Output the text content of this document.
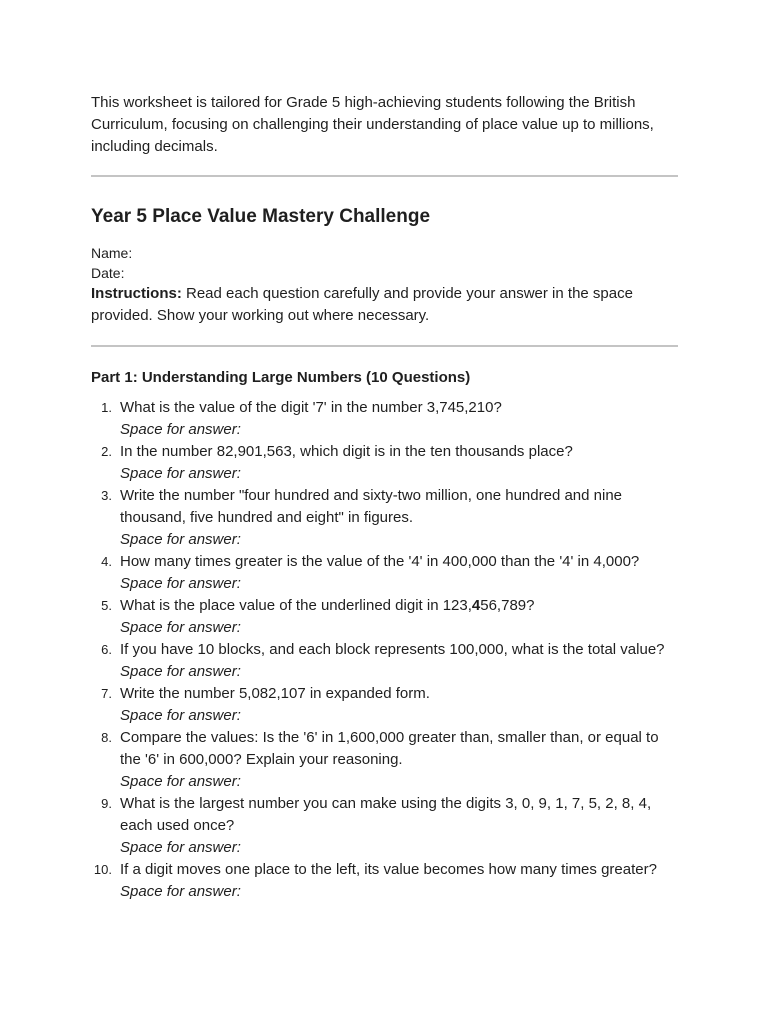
This worksheet is tailored for Grade 5 high-achieving students following the British Curriculum, focusing on challenging their understanding of place value up to millions, including decimals.

Year 5 Place Value Mastery Challenge

Name:

Date:

Instructions: Read each question carefully and provide your answer in the space provided. Show your working out where necessary.

Part 1: Understanding Large Numbers (10 Questions)
1. What is the value of the digit '7' in the number 3,745,210?
Space for answer:
2. In the number 82,901,563, which digit is in the ten thousands place?
Space for answer:
3. Write the number "four hundred and sixty-two million, one hundred and nine thousand, five hundred and eight" in figures.
Space for answer:
4. How many times greater is the value of the '4' in 400,000 than the '4' in 4,000?
Space for answer:
5. What is the place value of the underlined digit in 123,456,789?
Space for answer:
6. If you have 10 blocks, and each block represents 100,000, what is the total value?
Space for answer:
7. Write the number 5,082,107 in expanded form.
Space for answer:
8. Compare the values: Is the '6' in 1,600,000 greater than, smaller than, or equal to the '6' in 600,000? Explain your reasoning.
Space for answer:
9. What is the largest number you can make using the digits 3, 0, 9, 1, 7, 5, 2, 8, 4, each used once?
Space for answer:
10. If a digit moves one place to the left, its value becomes how many times greater?
Space for answer:
